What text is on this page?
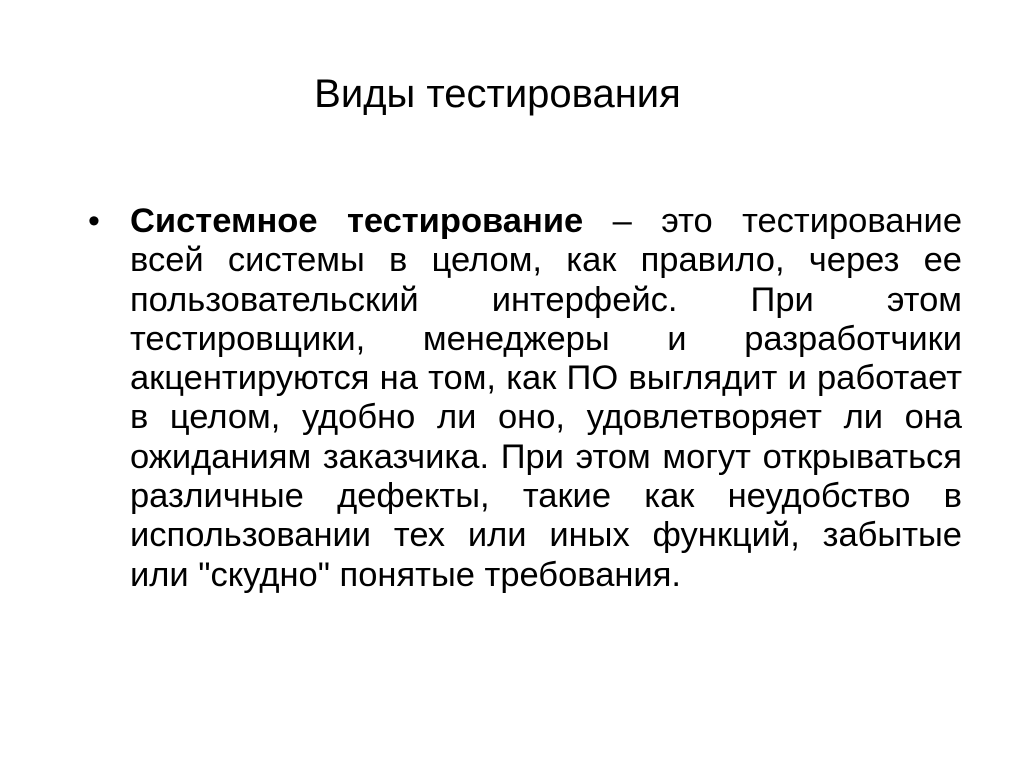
Виды тестирования
• Системное тестирование – это тестирование всей системы в целом, как правило, через ее пользовательский интерфейс. При этом тестировщики, менеджеры и разработчики акцентируются на том, как ПО выглядит и работает в целом, удобно ли оно, удовлетворяет ли она ожиданиям заказчика. При этом могут открываться различные дефекты, такие как неудобство в использовании тех или иных функций, забытые или "скудно" понятые требования.
